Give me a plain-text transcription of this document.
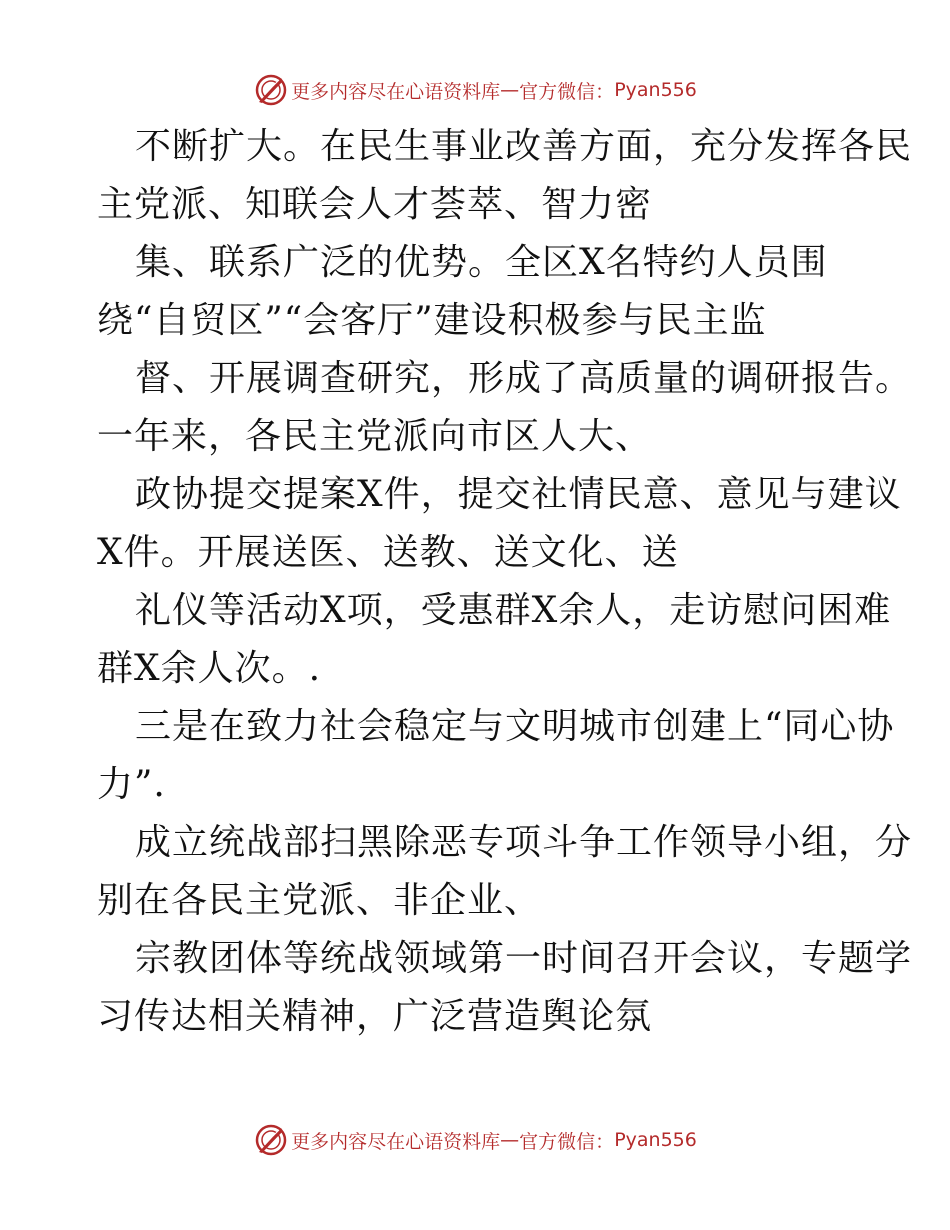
更多内容尽在心语资料库 — 官方微信： Pyan556
不断扩大。在民生事业改善方面，充分发挥各民
主党派、知联会人才荟萃、智力密
集、联系广泛的优势。全区X名特约人员围
绕“自贸区”“会客厅”建设积极参与民主监
督、开展调查研究，形成了高质量的调研报告。
一年来，各民主党派向市区人大、
政协提交提案X件，提交社情民意、意见与建议
X件。开展送医、送教、送文化、送
礼仪等活动X项，受惠群X余人，走访慰问困难
群X余人次。.
三是在致力社会稳定与文明城市创建上“同心协
力”.
成立统战部扫黑除恶专项斗争工作领导小组，分
别在各民主党派、非企业、
宗教团体等统战领域第一时间召开会议，专题学
习传达相关精神，广泛营造舆论氛
更多内容尽在心语资料库 — 官方微信： Pyan556
